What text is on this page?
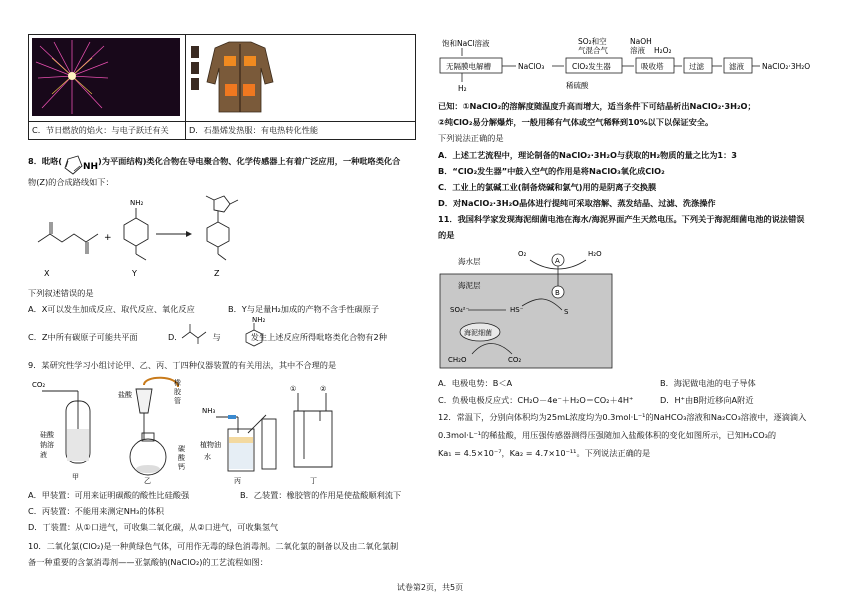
C．节日燃放的焰火：与电子跃迁有关	D．石墨烯发热服：有电热转化性能
8．吡咯(
NH
)为平面结构)类化合物在导电聚合物、化学传感器上有着广泛应用，一种吡咯类化合
物(Z)的合成路线如下：
X
+
NH₂
Y	Z
下列叙述错误的是
A．X可以发生加成反应、取代反应、氧化反应	B．Y与足量H₂加成的产物不含手性碳原子
C．Z中所有碳原子可能共平面	D．	与	发生上述反应所得吡咯类化合物有2种
NH₂
9．某研究性学习小组讨论甲、乙、丙、丁四种仪器装置的有关用法，其中不合理的是
CO₂
硅酸
钠溶
液
甲
盐酸
橡
胶
管
碳
酸
钙
乙
NH₃
植物油
水
丙
①	②
丁
A．甲装置：可用来证明碳酸的酸性比硅酸强	B．乙装置：橡胶管的作用是使盐酸顺利流下
C．丙装置：不能用来测定NH₃的体积
D．丁装置：从①口进气，可收集二氧化碳，从②口进气，可收集氢气
10．二氧化氯(ClO₂)是一种黄绿色气体，可用作无毒的绿色消毒剂。二氧化氯的制备以及由二氧化氯制
备一种重要的含氯消毒剂——亚氯酸钠(NaClO₂)的工艺流程如图：
饱和NaCl溶液
无隔膜电解槽
H₂
NaClO₃
SO₂和空
气混合气
ClO₂发生器
稀硫酸
NaOH
溶液 H₂O₂
吸收塔	过滤	滤液 NaClO₂·3H₂O
已知：①NaClO₂的溶解度随温度升高而增大，适当条件下可结晶析出NaClO₂·3H₂O；
②纯ClO₂易分解爆炸，一般用稀有气体或空气稀释到10%以下以保证安全。
下列说法正确的是
A．上述工艺流程中，理论制备的NaClO₂·3H₂O与获取的H₂物质的量之比为1：3
B．“ClO₂发生器”中鼓入空气的作用是将NaClO₃氧化成ClO₂
C．工业上的氯碱工业(制备烧碱和氯气)用的是阴离子交换膜
D．对NaClO₂·3H₂O晶体进行提纯可采取溶解、蒸发结晶、过滤、洗涤操作
11．我国科学家发现海泥细菌电池在海水/海泥界面产生天然电压。下列关于海泥细菌电池的说法错误
的是
O₂	H₂O
A
海水层
海泥层
B
SO₄²⁻	HS⁻	S
海泥细菌
CH₂O	CO₂
A．电极电势：B＜A	B．海泥做电池的电子导体
C．负极电极反应式：CH₂O－4e⁻＋H₂O＝CO₂＋4H⁺	D．H⁺由B附近移向A附近
12．常温下，分别向体积均为25mL浓度均为0.3mol·L⁻¹的NaHCO₃溶液和Na₂CO₃溶液中，逐滴滴入
0.3mol·L⁻¹的稀盐酸，用压强传感器测得压强随加入盐酸体积的变化如图所示，已知H₂CO₃的
Ka₁ = 4.5×10⁻⁷，Ka₂ = 4.7×10⁻¹¹。下列说法正确的是
试卷第2页，共5页
